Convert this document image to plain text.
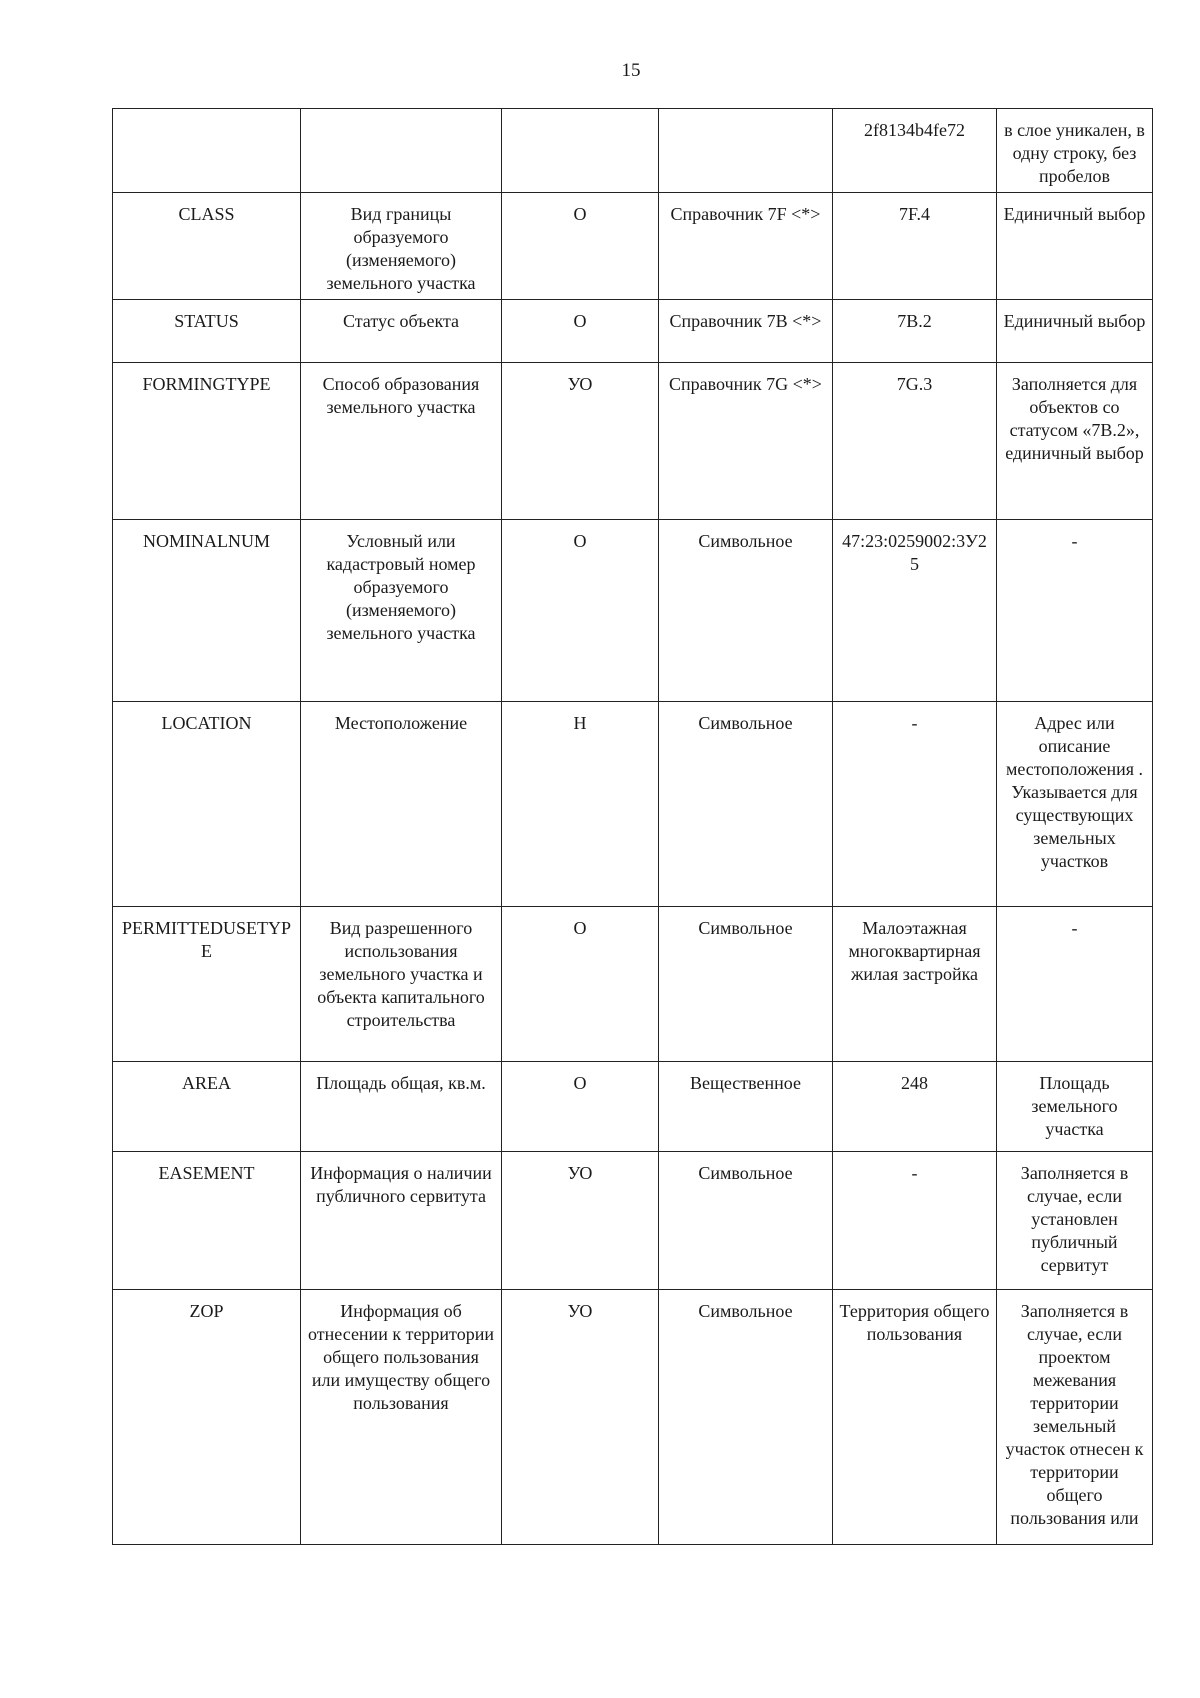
15
				2f8134b4fe72	в слое уникален, в одну строку, без пробелов
CLASS	Вид границы образуемого (изменяемого) земельного участка	О	Справочник 7F <*>	7F.4	Единичный выбор
STATUS	Статус объекта	О	Справочник 7B <*>	7B.2	Единичный выбор
FORMINGTYPE	Способ образования земельного участка	УО	Справочник 7G <*>	7G.3	Заполняется для объектов со статусом «7B.2», единичный выбор
NOMINALNUM	Условный или кадастровый номер образуемого (изменяемого) земельного участка	О	Символьное	47:23:0259002:3У25	-
LOCATION	Местоположение	Н	Символьное	-	Адрес или описание местоположения . Указывается для существующих земельных участков
PERMITTEDUSETYPE	Вид разрешенного использования земельного участка и объекта капитального строительства	О	Символьное	Малоэтажная многоквартирная жилая застройка	-
AREA	Площадь общая, кв.м.	О	Вещественное	248	Площадь земельного участка
EASEMENT	Информация о наличии публичного сервитута	УО	Символьное	-	Заполняется в случае, если установлен публичный сервитут
ZOP	Информация об отнесении к территории общего пользования или имуществу общего пользования	УО	Символьное	Территория общего пользования	Заполняется в случае, если проектом межевания территории земельный участок отнесен к территории общего пользования или
